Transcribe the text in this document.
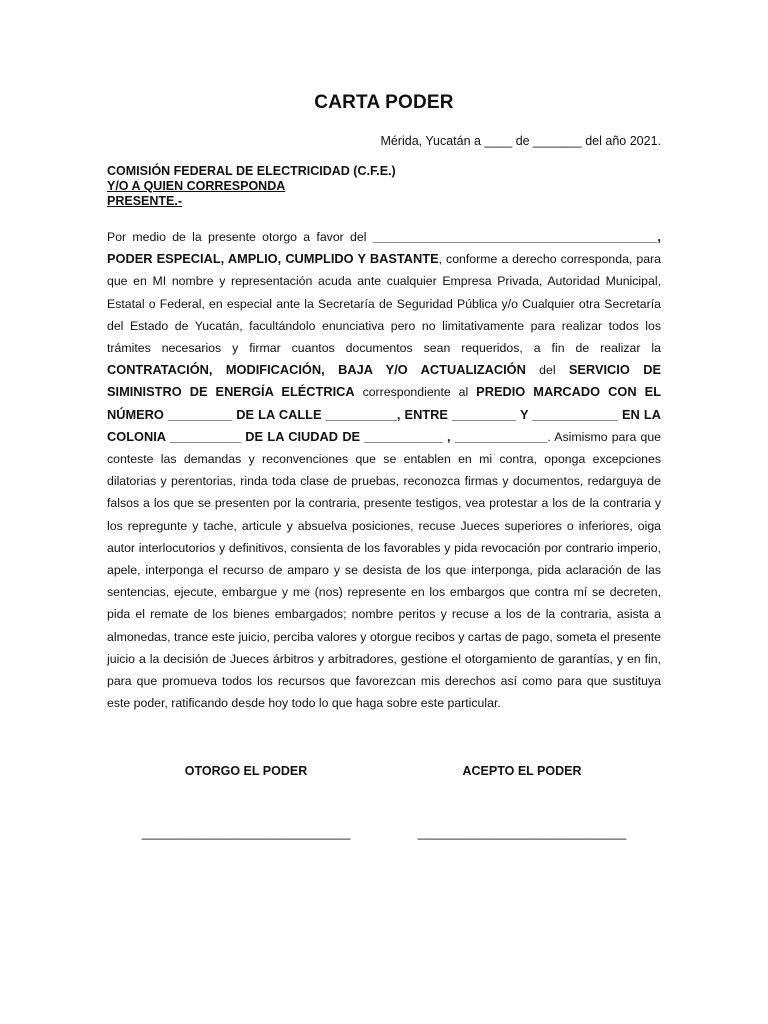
CARTA PODER
Mérida, Yucatán a ____ de _______ del año 2021.
COMISIÓN FEDERAL DE ELECTRICIDAD (C.F.E.)
Y/O A QUIEN CORRESPONDA
PRESENTE.-

Por medio de la presente otorgo a favor del ________________________________________, PODER ESPECIAL, AMPLIO, CUMPLIDO Y BASTANTE, conforme a derecho corresponda, para que en MI nombre y representación acuda ante cualquier Empresa Privada, Autoridad Municipal, Estatal o Federal, en especial ante la Secretaría de Seguridad Pública y/o Cualquier otra Secretaría del Estado de Yucatán, facultándolo enunciativa pero no limitativamente para realizar todos los trámites necesarios y firmar cuantos documentos sean requeridos, a fin de realizar la CONTRATACIÓN, MODIFICACIÓN, BAJA Y/O ACTUALIZACIÓN del SERVICIO DE SIMINISTRO DE ENERGÍA ELÉCTRICA correspondiente al PREDIO MARCADO CON EL NÚMERO _________ DE LA CALLE __________, ENTRE _________ Y ____________ EN LA COLONIA __________ DE LA CIUDAD DE ___________ , _____________. Asimismo para que conteste las demandas y reconvenciones que se entablen en mi contra, oponga excepciones dilatorias y perentorias, rinda toda clase de pruebas, reconozca firmas y documentos, redarguya de falsos a los que se presenten por la contraria, presente testigos, vea protestar a los de la contraria y los repregunte y tache, articule y absuelva posiciones, recuse Jueces superiores o inferiores, oiga autor interlocutorios y definitivos, consienta de los favorables y pida revocación por contrario imperio, apele, interponga el recurso de amparo y se desista de los que interponga, pida aclaración de las sentencias, ejecute, embargue y me (nos) represente en los embargos que contra mí se decreten, pida el remate de los bienes embargados; nombre peritos y recuse a los de la contraria, asista a almonedas, trance este juicio, perciba valores y otorgue recibos y cartas de pago, someta el presente juicio a la decisión de Jueces árbitros y arbitradores, gestione el otorgamiento de garantías, y en fin, para que promueva todos los recursos que favorezcan mis derechos así como para que sustituya este poder, ratificando desde hoy todo lo que haga sobre este particular.

OTORGO EL PODER	ACEPTO EL PODER
______________________________	______________________________
